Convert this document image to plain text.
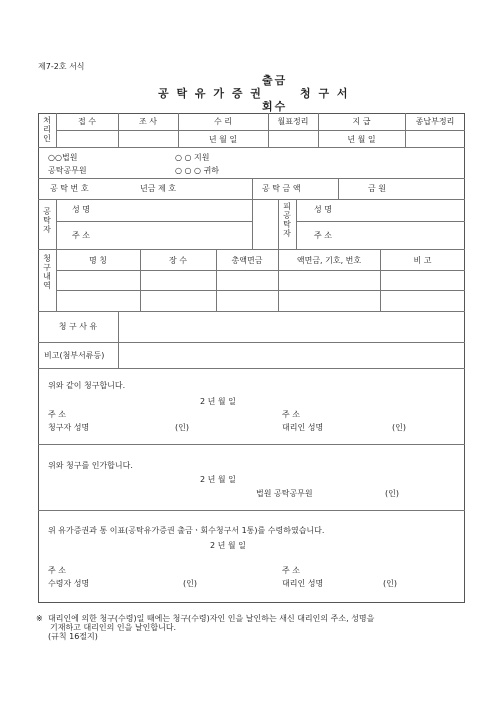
제7-2호 서식
공 탁 유 가 증 권
출금
회수
청 구 서
처 리 인
접 수	조 사	수 리	월표정리	지 급	종납부정리
년 월 일	년 월 일
○○법원	○ ○ 지원
공탁공무원	○ ○ ○ 귀하
공 탁 번 호	년금 제 호	공 탁 금 액	금 원
공 탁 자
성 명
주 소
피 공 탁 자
성 명
주 소
청 구 내 역
명 칭	장 수	총액면금	액면금, 기호, 번호	비 고
청 구 사 유
비고(첨부서류등)
위와 같이 청구합니다.
2 년 월 일
주 소	주 소
청구자 성명	(인)	대리인 성명	(인)
위와 청구를 인가합니다.
2 년 월 일
법원 공탁공무원	(인)
위 유가증권과 통 이표(공탁유가증권 출금ㆍ회수청구서 1통)를 수령하였습니다.
2 년 월 일
주 소	주 소
수령자 성명	(인)	대리인 성명	(인)
※ 대리인에 의한 청구(수령)일 때에는 청구(수령)자인 인을 날인하는 새신 대리인의 주소, 성명을
기재하고 대리인의 인을 날인합니다.
(규칙 16절지)
